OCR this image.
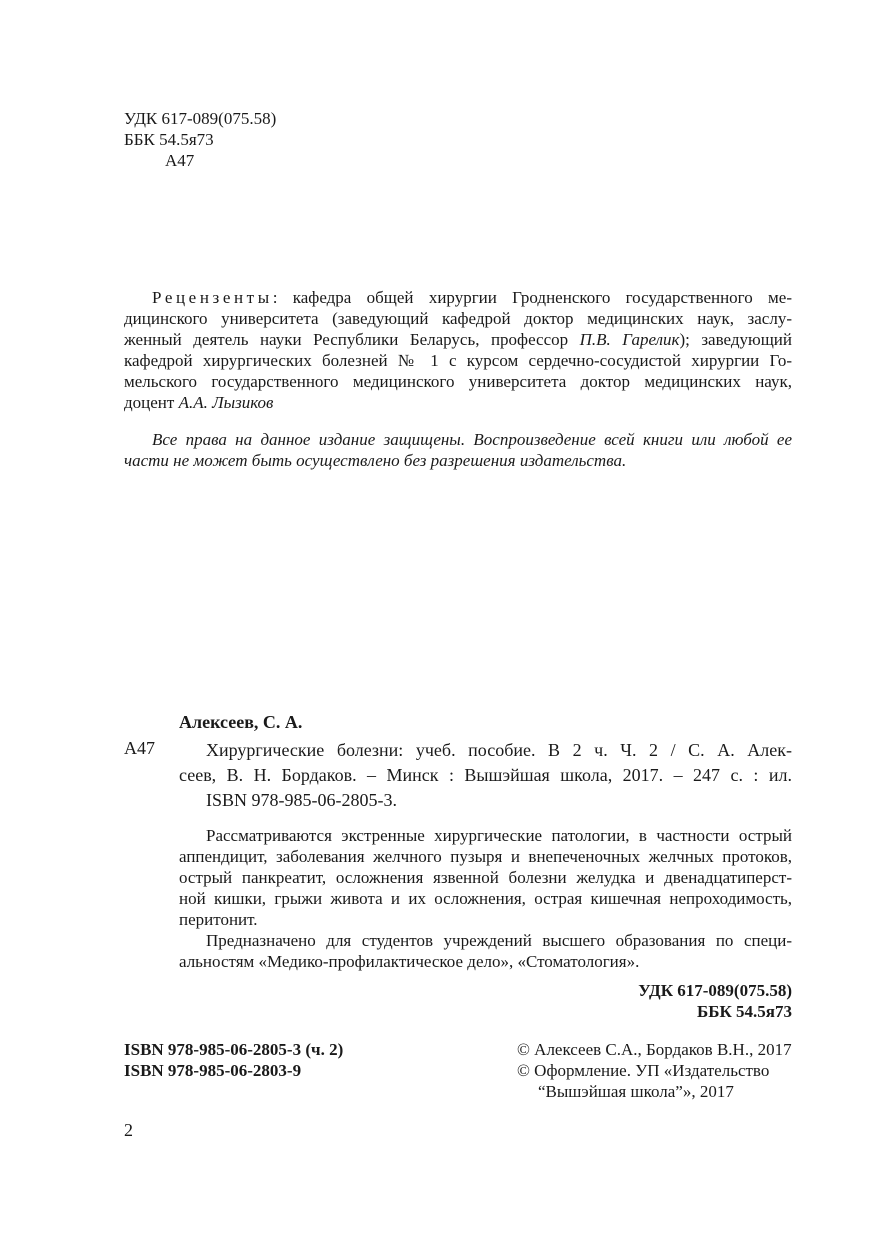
УДК 617-089(075.58)
ББК 54.5я73
А47
Рецензенты: кафедра общей хирургии Гродненского государственного ме-
дицинского университета (заведующий кафедрой доктор медицинских наук, заслу-
женный деятель науки Республики Беларусь, профессор П.В. Гарелик); заведующий
кафедрой хирургических болезней № 1 с курсом сердечно-сосудистой хирургии Го-
мельского государственного медицинского университета доктор медицинских наук,
доцент А.А. Лызиков
Все права на данное издание защищены. Воспроизведение всей книги или любой ее
части не может быть осуществлено без разрешения издательства.
Алексеев, С. А.
А47	Хирургические болезни: учеб. пособие. В 2 ч. Ч. 2 / С. А. Алек-
сеев, В. Н. Бордаков. – Минск : Вышэйшая школа, 2017. – 247 с. : ил.
ISBN 978-985-06-2805-3.
Рассматриваются экстренные хирургические патологии, в частности острый
аппендицит, заболевания желчного пузыря и внепеченочных желчных протоков,
острый панкреатит, осложнения язвенной болезни желудка и двенадцатиперст-
ной кишки, грыжи живота и их осложнения, острая кишечная непроходимость,
перитонит.
Предназначено для студентов учреждений высшего образования по специ-
альностям «Медико-профилактическое дело», «Стоматология».
УДК 617-089(075.58)
ББК 54.5я73
ISBN 978-985-06-2805-3 (ч. 2)
ISBN 978-985-06-2803-9
© Алексеев С.А., Бордаков В.Н., 2017
© Оформление. УП «Издательство
“Вышэйшая школа”», 2017
2
